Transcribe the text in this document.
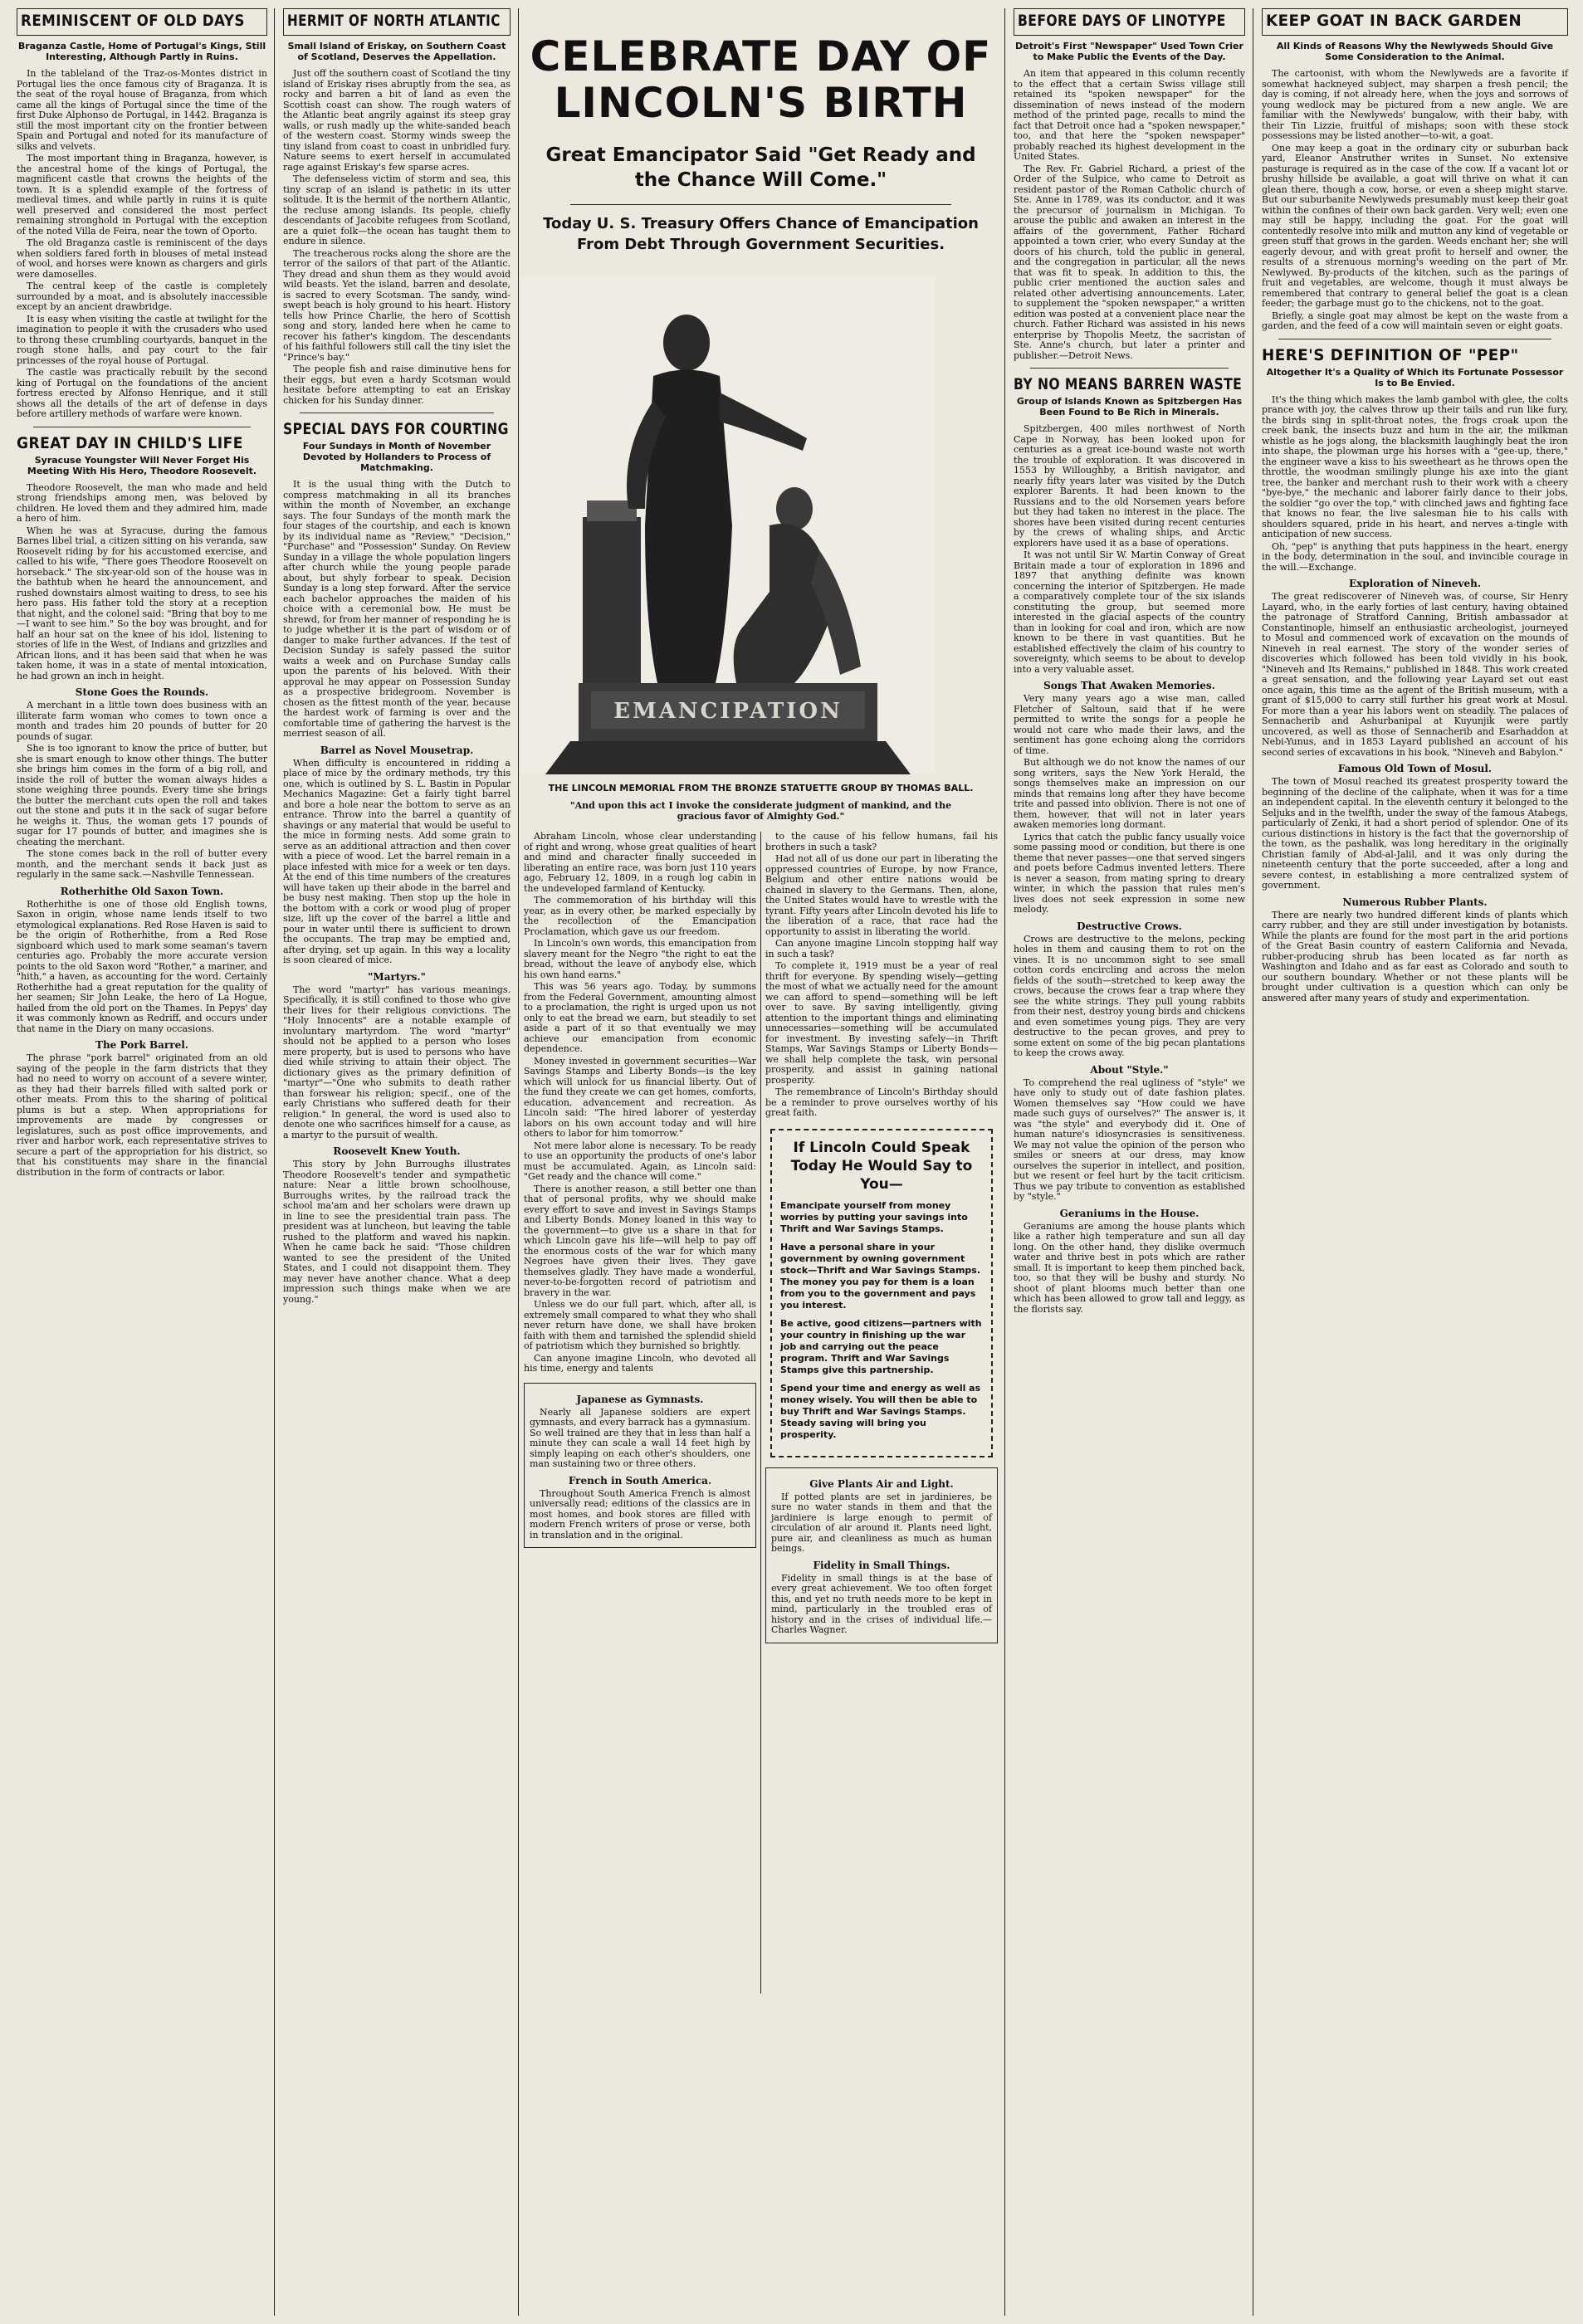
REMINISCENT OF OLD DAYS
Braganza Castle, Home of Portugal's Kings, Still Interesting, Although Partly in Ruins.

In the tableland of the Traz-os-Montes district in Portugal lies the once famous city of Braganza. It is the seat of the royal house of Braganza, from which came all the kings of Portugal since the time of the first Duke Alphonso de Portugal, in 1442. Braganza is still the most important city on the frontier between Spain and Portugal and noted for its manufacture of silks and velvets.

The most important thing in Braganza, however, is the ancestral home of the kings of Portugal, the magnificent castle that crowns the heights of the town. It is a splendid example of the fortress of medieval times, and while partly in ruins it is quite well preserved and considered the most perfect remaining stronghold in Portugal with the exception of the noted Villa de Feira, near the town of Oporto.

The old Braganza castle is reminiscent of the days when soldiers fared forth in blouses of metal instead of wool, and horses were known as chargers and girls were damoselles.

The central keep of the castle is completely surrounded by a moat, and is absolutely inaccessible except by an ancient drawbridge.

It is easy when visiting the castle at twilight for the imagination to people it with the crusaders who used to throng these crumbling courtyards, banquet in the rough stone halls, and pay court to the fair princesses of the royal house of Portugal.

The castle was practically rebuilt by the second king of Portugal on the foundations of the ancient fortress erected by Alfonso Henrique, and it still shows all the details of the art of defense in days before artillery methods of warfare were known.

GREAT DAY IN CHILD'S LIFE
Syracuse Youngster Will Never Forget His Meeting With His Hero, Theodore Roosevelt.

Theodore Roosevelt, the man who made and held strong friendships among men, was beloved by children. He loved them and they admired him, made a hero of him.

When he was at Syracuse, during the famous Barnes libel trial, a citizen sitting on his veranda, saw Roosevelt riding by for his accustomed exercise, and called to his wife, "There goes Theodore Roosevelt on horseback." The six-year-old son of the house was in the bathtub when he heard the announcement, and rushed downstairs almost waiting to dress, to see his hero pass. His father told the story at a reception that night, and the colonel said: "Bring that boy to me—I want to see him." So the boy was brought, and for half an hour sat on the knee of his idol, listening to stories of life in the West, of Indians and grizzlies and African lions, and it has been said that when he was taken home, it was in a state of mental intoxication, he had grown an inch in height.

Stone Goes the Rounds.

A merchant in a little town does business with an illiterate farm woman who comes to town once a month and trades him 20 pounds of butter for 20 pounds of sugar.

She is too ignorant to know the price of butter, but she is smart enough to know other things. The butter she brings him comes in the form of a big roll, and inside the roll of butter the woman always hides a stone weighing three pounds. Every time she brings the butter the merchant cuts open the roll and takes out the stone and puts it in the sack of sugar before he weighs it. Thus, the woman gets 17 pounds of sugar for 17 pounds of butter, and imagines she is cheating the merchant.

The stone comes back in the roll of butter every month, and the merchant sends it back just as regularly in the same sack.—Nashville Tennessean.

Rotherhithe Old Saxon Town.

Rotherhithe is one of those old English towns, Saxon in origin, whose name lends itself to two etymological explanations. Red Rose Haven is said to be the origin of Rotherhithe, from a Red Rose signboard which used to mark some seaman's tavern centuries ago. Probably the more accurate version points to the old Saxon word "Rother," a mariner, and "hith," a haven, as accounting for the word. Certainly Rotherhithe had a great reputation for the quality of her seamen; Sir John Leake, the hero of La Hogue, hailed from the old port on the Thames. In Pepys' day it was commonly known as Redriff, and occurs under that name in the Diary on many occasions.

The Pork Barrel.

The phrase "pork barrel" originated from an old saying of the people in the farm districts that they had no need to worry on account of a severe winter, as they had their barrels filled with salted pork or other meats. From this to the sharing of political plums is but a step. When appropriations for improvements are made by congresses or legislatures, such as post office improvements, and river and harbor work, each representative strives to secure a part of the appropriation for his district, so that his constituents may share in the financial distribution in the form of contracts or labor.

HERMIT OF NORTH ATLANTIC
Small Island of Eriskay, on Southern Coast of Scotland, Deserves the Appellation.

Just off the southern coast of Scotland the tiny island of Eriskay rises abruptly from the sea, as rocky and barren a bit of land as even the Scottish coast can show. The rough waters of the Atlantic beat angrily against its steep gray walls, or rush madly up the white-sanded beach of the western coast. Stormy winds sweep the tiny island from coast to coast in unbridled fury. Nature seems to exert herself in accumulated rage against Eriskay's few sparse acres.

The defenseless victim of storm and sea, this tiny scrap of an island is pathetic in its utter solitude. It is the hermit of the northern Atlantic, the recluse among islands. Its people, chiefly descendants of Jacobite refugees from Scotland, are a quiet folk—the ocean has taught them to endure in silence.

The treacherous rocks along the shore are the terror of the sailors of that part of the Atlantic. They dread and shun them as they would avoid wild beasts. Yet the island, barren and desolate, is sacred to every Scotsman. The sandy, wind-swept beach is holy ground to his heart. History tells how Prince Charlie, the hero of Scottish song and story, landed here when he came to recover his father's kingdom. The descendants of his faithful followers still call the tiny islet the "Prince's bay."

The people fish and raise diminutive hens for their eggs, but even a hardy Scotsman would hesitate before attempting to eat an Eriskay chicken for his Sunday dinner.

SPECIAL DAYS FOR COURTING
Four Sundays in Month of November Devoted by Hollanders to Process of Matchmaking.

It is the usual thing with the Dutch to compress matchmaking in all its branches within the month of November, an exchange says. The four Sundays of the month mark the four stages of the courtship, and each is known by its individual name as "Review," "Decision," "Purchase" and "Possession" Sunday. On Review Sunday in a village the whole population lingers after church while the young people parade about, but shyly forbear to speak. Decision Sunday is a long step forward. After the service each bachelor approaches the maiden of his choice with a ceremonial bow. He must be shrewd, for from her manner of responding he is to judge whether it is the part of wisdom or of danger to make further advances. If the test of Decision Sunday is safely passed the suitor waits a week and on Purchase Sunday calls upon the parents of his beloved. With their approval he may appear on Possession Sunday as a prospective bridegroom. November is chosen as the fittest month of the year, because the hardest work of farming is over and the comfortable time of gathering the harvest is the merriest season of all.

Barrel as Novel Mousetrap.

When difficulty is encountered in ridding a place of mice by the ordinary methods, try this one, which is outlined by S. L. Bastin in Popular Mechanics Magazine: Get a fairly tight barrel and bore a hole near the bottom to serve as an entrance. Throw into the barrel a quantity of shavings or any material that would be useful to the mice in forming nests. Add some grain to serve as an additional attraction and then cover with a piece of wood. Let the barrel remain in a place infested with mice for a week or ten days. At the end of this time numbers of the creatures will have taken up their abode in the barrel and be busy nest making. Then stop up the hole in the bottom with a cork or wood plug of proper size, lift up the cover of the barrel a little and pour in water until there is sufficient to drown the occupants. The trap may be emptied and, after drying, set up again. In this way a locality is soon cleared of mice.

"Martyrs."

The word "martyr" has various meanings. Specifically, it is still confined to those who give their lives for their religious convictions. The "Holy Innocents" are a notable example of involuntary martyrdom. The word "martyr" should not be applied to a person who loses mere property, but is used to persons who have died while striving to attain their object. The dictionary gives as the primary definition of "martyr"—"One who submits to death rather than forswear his religion; specif., one of the early Christians who suffered death for their religion." In general, the word is used also to denote one who sacrifices himself for a cause, as a martyr to the pursuit of wealth.

Roosevelt Knew Youth.

This story by John Burroughs illustrates Theodore Roosevelt's tender and sympathetic nature: Near a little brown schoolhouse, Burroughs writes, by the railroad track the school ma'am and her scholars were drawn up in line to see the presidential train pass. The president was at luncheon, but leaving the table rushed to the platform and waved his napkin. When he came back he said: "Those children wanted to see the president of the United States, and I could not disappoint them. They may never have another chance. What a deep impression such things make when we are young."

CELEBRATE DAY OF
LINCOLN'S BIRTH
Great Emancipator Said "Get Ready and the Chance Will Come."
Today U. S. Treasury Offers Chance of Emancipation From Debt Through Government Securities.
EMANCIPATION
THE LINCOLN MEMORIAL FROM THE BRONZE STATUETTE GROUP BY THOMAS BALL.
"And upon this act I invoke the considerate judgment of mankind, and the gracious favor of Almighty God."

Abraham Lincoln, whose clear understanding of right and wrong, whose great qualities of heart and mind and character finally succeeded in liberating an entire race, was born just 110 years ago, February 12, 1809, in a rough log cabin in the undeveloped farmland of Kentucky.

The commemoration of his birthday will this year, as in every other, be marked especially by the recollection of the Emancipation Proclamation, which gave us our freedom.

In Lincoln's own words, this emancipation from slavery meant for the Negro "the right to eat the bread, without the leave of anybody else, which his own hand earns."

This was 56 years ago. Today, by summons from the Federal Government, amounting almost to a proclamation, the right is urged upon us not only to eat the bread we earn, but steadily to set aside a part of it so that eventually we may achieve our emancipation from economic dependence.

Money invested in government securities—War Savings Stamps and Liberty Bonds—is the key which will unlock for us financial liberty. Out of the fund they create we can get homes, comforts, education, advancement and recreation. As Lincoln said: "The hired laborer of yesterday labors on his own account today and will hire others to labor for him tomorrow."

Not mere labor alone is necessary. To be ready to use an opportunity the products of one's labor must be accumulated. Again, as Lincoln said: "Get ready and the chance will come."

There is another reason, a still better one than that of personal profits, why we should make every effort to save and invest in Savings Stamps and Liberty Bonds. Money loaned in this way to the government—to give us a share in that for which Lincoln gave his life—will help to pay off the enormous costs of the war for which many Negroes have given their lives. They gave themselves gladly. They have made a wonderful, never-to-be-forgotten record of patriotism and bravery in the war.

Unless we do our full part, which, after all, is extremely small compared to what they who shall never return have done, we shall have broken faith with them and tarnished the splendid shield of patriotism which they burnished so brightly.

Can anyone imagine Lincoln, who devoted all his time, energy and talents

Japanese as Gymnasts.

Nearly all Japanese soldiers are expert gymnasts, and every barrack has a gymnasium. So well trained are they that in less than half a minute they can scale a wall 14 feet high by simply leaping on each other's shoulders, one man sustaining two or three others.

French in South America.

Throughout South America French is almost universally read; editions of the classics are in most homes, and book stores are filled with modern French writers of prose or verse, both in translation and in the original.

to the cause of his fellow humans, fail his brothers in such a task?

Had not all of us done our part in liberating the oppressed countries of Europe, by now France, Belgium and other entire nations would be chained in slavery to the Germans. Then, alone, the United States would have to wrestle with the tyrant. Fifty years after Lincoln devoted his life to the liberation of a race, that race had the opportunity to assist in liberating the world.

Can anyone imagine Lincoln stopping half way in such a task?

To complete it, 1919 must be a year of real thrift for everyone. By spending wisely—getting the most of what we actually need for the amount we can afford to spend—something will be left over to save. By saving intelligently, giving attention to the important things and eliminating unnecessaries—something will be accumulated for investment. By investing safely—in Thrift Stamps, War Savings Stamps or Liberty Bonds—we shall help complete the task, win personal prosperity, and assist in gaining national prosperity.

The remembrance of Lincoln's Birthday should be a reminder to prove ourselves worthy of his great faith.

If Lincoln Could Speak Today He Would Say to You—

Emancipate yourself from money worries by putting your savings into Thrift and War Savings Stamps.

Have a personal share in your government by owning government stock—Thrift and War Savings Stamps. The money you pay for them is a loan from you to the government and pays you interest.

Be active, good citizens—partners with your country in finishing up the war job and carrying out the peace program. Thrift and War Savings Stamps give this partnership.

Spend your time and energy as well as money wisely. You will then be able to buy Thrift and War Savings Stamps. Steady saving will bring you prosperity.

Give Plants Air and Light.

If potted plants are set in jardinieres, be sure no water stands in them and that the jardiniere is large enough to permit of circulation of air around it. Plants need light, pure air, and cleanliness as much as human beings.

Fidelity in Small Things.

Fidelity in small things is at the base of every great achievement. We too often forget this, and yet no truth needs more to be kept in mind, particularly in the troubled eras of history and in the crises of individual life.—Charles Wagner.

BEFORE DAYS OF LINOTYPE
Detroit's First "Newspaper" Used Town Crier to Make Public the Events of the Day.

An item that appeared in this column recently to the effect that a certain Swiss village still retained its "spoken newspaper" for the dissemination of news instead of the modern method of the printed page, recalls to mind the fact that Detroit once had a "spoken newspaper," too, and that here the "spoken newspaper" probably reached its highest development in the United States.

The Rev. Fr. Gabriel Richard, a priest of the Order of the Sulpice, who came to Detroit as resident pastor of the Roman Catholic church of Ste. Anne in 1789, was its conductor, and it was the precursor of journalism in Michigan. To arouse the public and awaken an interest in the affairs of the government, Father Richard appointed a town crier, who every Sunday at the doors of his church, told the public in general, and the congregation in particular, all the news that was fit to speak. In addition to this, the public crier mentioned the auction sales and related other advertising announcements. Later, to supplement the "spoken newspaper," a written edition was posted at a convenient place near the church. Father Richard was assisted in his news enterprise by Thopolis Meetz, the sacristan of Ste. Anne's church, but later a printer and publisher.—Detroit News.

BY NO MEANS BARREN WASTE
Group of Islands Known as Spitzbergen Has Been Found to Be Rich in Minerals.

Spitzbergen, 400 miles northwest of North Cape in Norway, has been looked upon for centuries as a great ice-bound waste not worth the trouble of exploration. It was discovered in 1553 by Willoughby, a British navigator, and nearly fifty years later was visited by the Dutch explorer Barents. It had been known to the Russians and to the old Norsemen years before but they had taken no interest in the place. The shores have been visited during recent centuries by the crews of whaling ships, and Arctic explorers have used it as a base of operations.

It was not until Sir W. Martin Conway of Great Britain made a tour of exploration in 1896 and 1897 that anything definite was known concerning the interior of Spitzbergen. He made a comparatively complete tour of the six islands constituting the group, but seemed more interested in the glacial aspects of the country than in looking for coal and iron, which are now known to be there in vast quantities. But he established effectively the claim of his country to sovereignty, which seems to be about to develop into a very valuable asset.

Songs That Awaken Memories.

Very many years ago a wise man, called Fletcher of Saltoun, said that if he were permitted to write the songs for a people he would not care who made their laws, and the sentiment has gone echoing along the corridors of time.

But although we do not know the names of our song writers, says the New York Herald, the songs themselves make an impression on our minds that remains long after they have become trite and passed into oblivion. There is not one of them, however, that will not in later years awaken memories long dormant.

Lyrics that catch the public fancy usually voice some passing mood or condition, but there is one theme that never passes—one that served singers and poets before Cadmus invented letters. There is never a season, from mating spring to dreary winter, in which the passion that rules men's lives does not seek expression in some new melody.

Destructive Crows.

Crows are destructive to the melons, pecking holes in them and causing them to rot on the vines. It is no uncommon sight to see small cotton cords encircling and across the melon fields of the south—stretched to keep away the crows, because the crows fear a trap where they see the white strings. They pull young rabbits from their nest, destroy young birds and chickens and even sometimes young pigs. They are very destructive to the pecan groves, and prey to some extent on some of the big pecan plantations to keep the crows away.

About "Style."

To comprehend the real ugliness of "style" we have only to study out of date fashion plates. Women themselves say "How could we have made such guys of ourselves?" The answer is, it was "the style" and everybody did it. One of human nature's idiosyncrasies is sensitiveness. We may not value the opinion of the person who smiles or sneers at our dress, may know ourselves the superior in intellect, and position, but we resent or feel hurt by the tacit criticism. Thus we pay tribute to convention as established by "style."

Geraniums in the House.

Geraniums are among the house plants which like a rather high temperature and sun all day long. On the other hand, they dislike overmuch water and thrive best in pots which are rather small. It is important to keep them pinched back, too, so that they will be bushy and sturdy. No shoot of plant blooms much better than one which has been allowed to grow tall and leggy, as the florists say.

KEEP GOAT IN BACK GARDEN
All Kinds of Reasons Why the Newlyweds Should Give Some Consideration to the Animal.

The cartoonist, with whom the Newlyweds are a favorite if somewhat hackneyed subject, may sharpen a fresh pencil; the day is coming, if not already here, when the joys and sorrows of young wedlock may be pictured from a new angle. We are familiar with the Newlyweds' bungalow, with their baby, with their Tin Lizzie, fruitful of mishaps; soon with these stock possessions may be listed another—to-wit, a goat.

One may keep a goat in the ordinary city or suburban back yard, Eleanor Anstruther writes in Sunset. No extensive pasturage is required as in the case of the cow. If a vacant lot or brushy hillside be available, a goat will thrive on what it can glean there, though a cow, horse, or even a sheep might starve. But our suburbanite Newlyweds presumably must keep their goat within the confines of their own back garden. Very well; even one may still be happy, including the goat. For the goat will contentedly resolve into milk and mutton any kind of vegetable or green stuff that grows in the garden. Weeds enchant her; she will eagerly devour, and with great profit to herself and owner, the results of a strenuous morning's weeding on the part of Mr. Newlywed. By-products of the kitchen, such as the parings of fruit and vegetables, are welcome, though it must always be remembered that contrary to general belief the goat is a clean feeder; the garbage must go to the chickens, not to the goat.

Briefly, a single goat may almost be kept on the waste from a garden, and the feed of a cow will maintain seven or eight goats.

HERE'S DEFINITION OF "PEP"
Altogether It's a Quality of Which its Fortunate Possessor Is to Be Envied.

It's the thing which makes the lamb gambol with glee, the colts prance with joy, the calves throw up their tails and run like fury, the birds sing in split-throat notes, the frogs croak upon the creek bank, the insects buzz and hum in the air, the milkman whistle as he jogs along, the blacksmith laughingly beat the iron into shape, the plowman urge his horses with a "gee-up, there," the engineer wave a kiss to his sweetheart as he throws open the throttle, the woodman smilingly plunge his axe into the giant tree, the banker and merchant rush to their work with a cheery "bye-bye," the mechanic and laborer fairly dance to their jobs, the soldier "go over the top," with clinched jaws and fighting face that knows no fear, the live salesman hie to his calls with shoulders squared, pride in his heart, and nerves a-tingle with anticipation of new success.

Oh, "pep" is anything that puts happiness in the heart, energy in the body, determination in the soul, and invincible courage in the will.—Exchange.

Exploration of Nineveh.

The great rediscoverer of Nineveh was, of course, Sir Henry Layard, who, in the early forties of last century, having obtained the patronage of Stratford Canning, British ambassador at Constantinople, himself an enthusiastic archeologist, journeyed to Mosul and commenced work of excavation on the mounds of Nineveh in real earnest. The story of the wonder series of discoveries which followed has been told vividly in his book, "Nineveh and Its Remains," published in 1848. This work created a great sensation, and the following year Layard set out east once again, this time as the agent of the British museum, with a grant of $15,000 to carry still further his great work at Mosul. For more than a year his labors went on steadily. The palaces of Sennacherib and Ashurbanipal at Kuyunjik were partly uncovered, as well as those of Sennacherib and Esarhaddon at Nebi-Yunus, and in 1853 Layard published an account of his second series of excavations in his book, "Nineveh and Babylon."

Famous Old Town of Mosul.

The town of Mosul reached its greatest prosperity toward the beginning of the decline of the caliphate, when it was for a time an independent capital. In the eleventh century it belonged to the Seljuks and in the twelfth, under the sway of the famous Atabegs, particularly of Zenki, it had a short period of splendor. One of its curious distinctions in history is the fact that the governorship of the town, as the pashalik, was long hereditary in the originally Christian family of Abd-al-Jalil, and it was only during the nineteenth century that the porte succeeded, after a long and severe contest, in establishing a more centralized system of government.

Numerous Rubber Plants.

There are nearly two hundred different kinds of plants which carry rubber, and they are still under investigation by botanists. While the plants are found for the most part in the arid portions of the Great Basin country of eastern California and Nevada, rubber-producing shrub has been located as far north as Washington and Idaho and as far east as Colorado and south to our southern boundary. Whether or not these plants will be brought under cultivation is a question which can only be answered after many years of study and experimentation.
